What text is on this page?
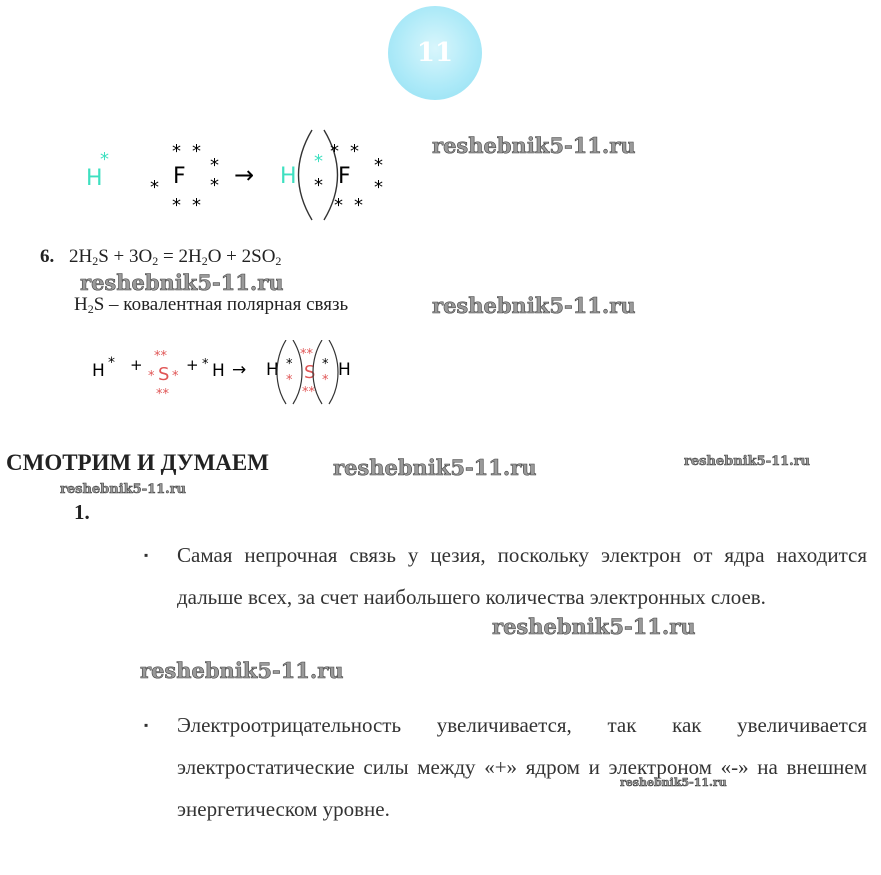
11
H
*	* *
*
*
*
* *
F → H
*
* F
* *
*
*
* *
reshebnik5-11.ru
reshebnik5-11.ru
reshebnik5-11.ru
reshebnik5-11.ru	reshebnik5-11.ru
reshebnik5-11.ru
reshebnik5-11.ru
reshebnik5-11.ru
reshebnik5-11.ru
6. $2H_2S + 3O_2 = 2H_2O + 2SO_2$
$H_2S$ – ковалентная полярная связь
H * + **
* S *
**
+ * H → H *
*
**
S
**
*
*
H
СМОТРИМ И ДУМАЕМ
1.
▪ Самая непрочная связь у цезия, поскольку электрон от ядра находится дальше всех, за счет наибольшего количества электронных слоев.
▪ Электроотрицательность увеличивается, так как увеличивается электростатические силы между «+» ядром и электроном «-» на внешнем энергетическом уровне.
